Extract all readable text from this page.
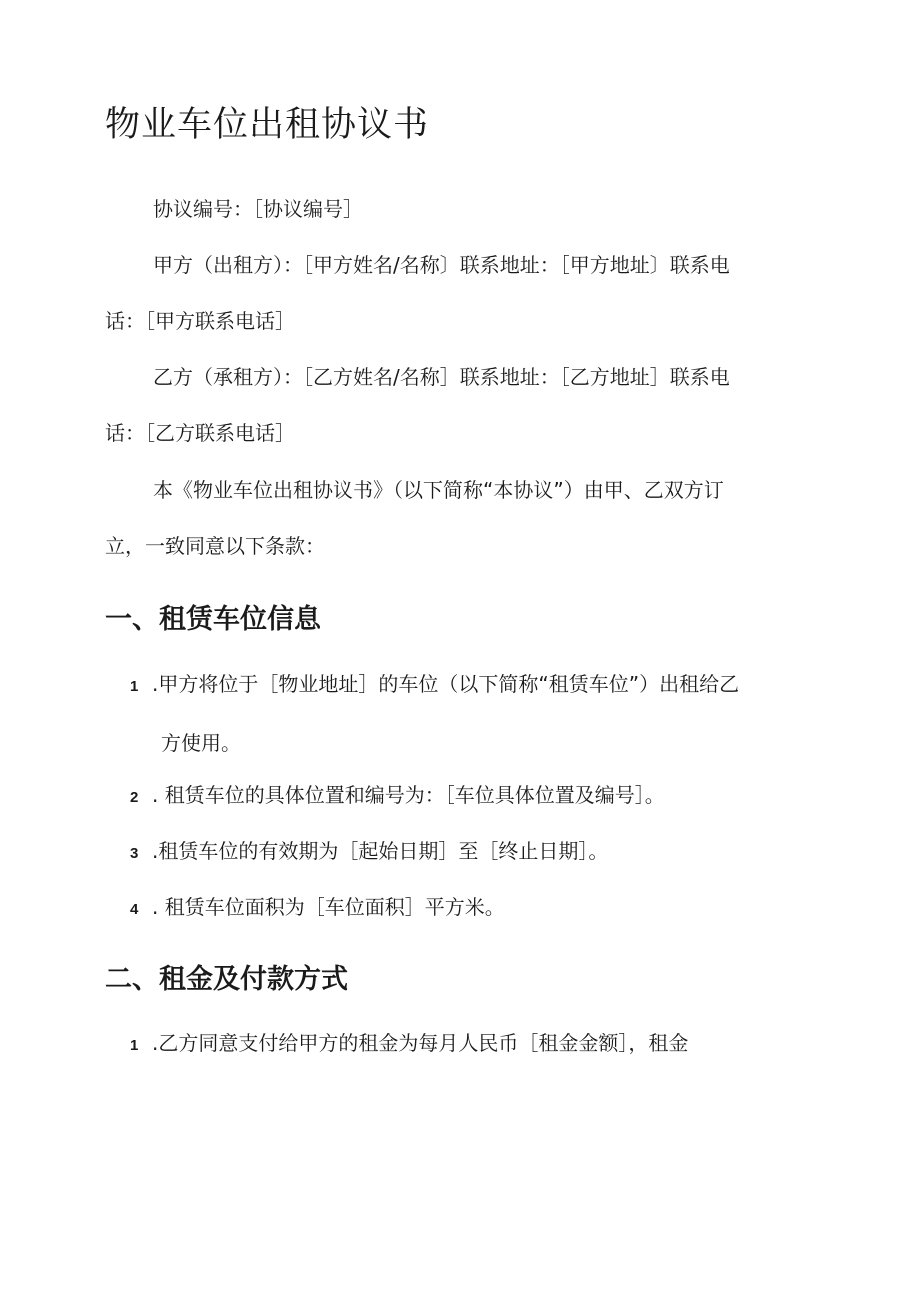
物业车位出租协议书
协议编号：［协议编号］
甲方（出租方）：［甲方姓名/名称〕联系地址：［甲方地址〕联系电
话：［甲方联系电话］
乙方（承租方）：［乙方姓名/名称］联系地址：［乙方地址］联系电
话：［乙方联系电话］
本《物业车位出租协议书》（以下简称“本协议”）由甲、乙双方订
立，一致同意以下条款：
一、租赁车位信息
1 .甲方将位于［物业地址］的车位（以下简称“租赁车位”）出租给乙
方使用。
2 . 租赁车位的具体位置和编号为：［车位具体位置及编号］。
3 .租赁车位的有效期为［起始日期］至［终止日期］。
4 . 租赁车位面积为［车位面积］平方米。
二、租金及付款方式
1 .乙方同意支付给甲方的租金为每月人民币［租金金额］，租金
